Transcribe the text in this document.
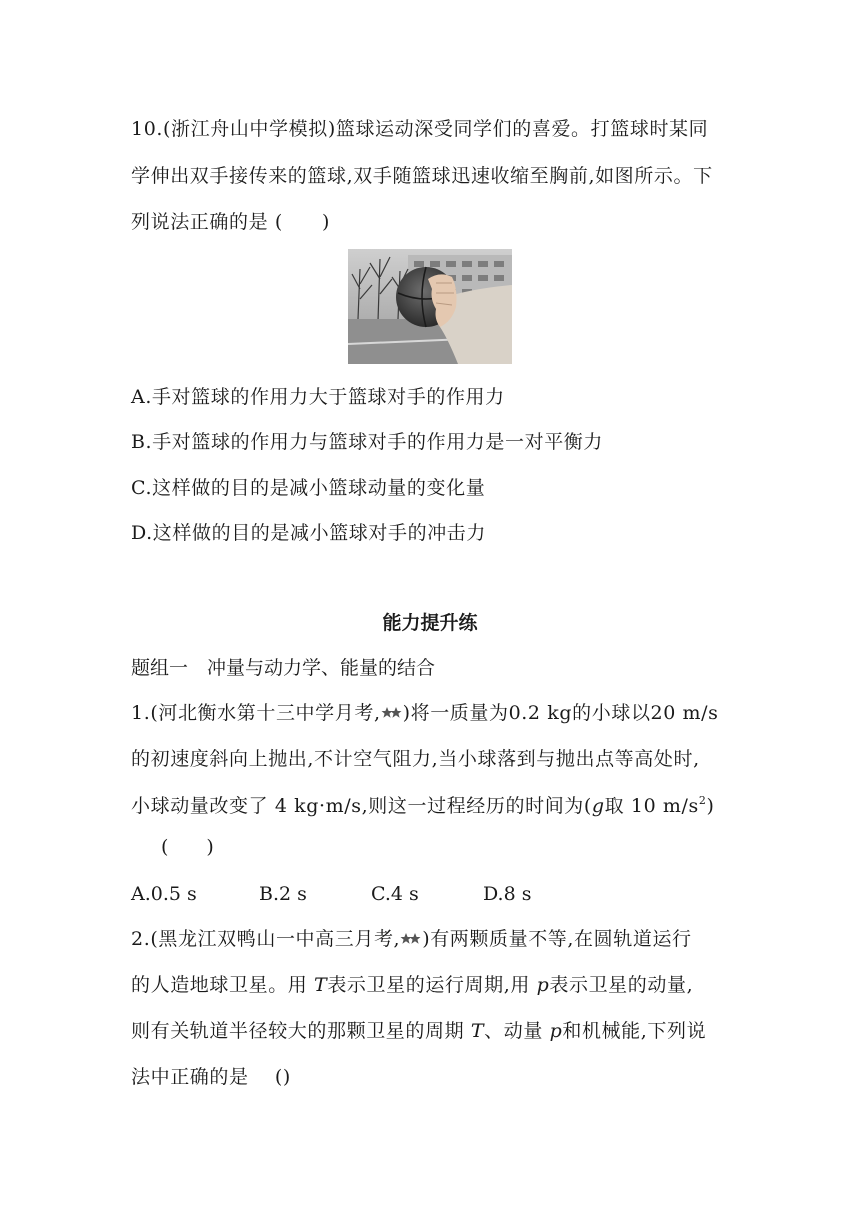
10.(浙江舟山中学模拟)篮球运动深受同学们的喜爱。打篮球时某同
学伸出双手接传来的篮球,双手随篮球迅速收缩至胸前,如图所示。下
列说法正确的是 (  )
A.手对篮球的作用力大于篮球对手的作用力
B.手对篮球的作用力与篮球对手的作用力是一对平衡力
C.这样做的目的是减小篮球动量的变化量
D.这样做的目的是减小篮球对手的冲击力
能力提升练
题组一 冲量与动力学、能量的结合
1.(河北衡水第十三中学月考, )将一质量为0.2 kg的小球以20 m/s
的初速度斜向上抛出,不计空气阻力,当小球落到与抛出点等高处时,
小球动量改变了 4 kg·m/s,则这一过程经历的时间为(g取 10 $m/s^2$)
(  )
A.0.5 s	B.2 s	C.4 s	D.8 s
2.(黑龙江双鸭山一中高三月考, )有两颗质量不等,在圆轨道运行
的人造地球卫星。用 T表示卫星的运行周期,用 p表示卫星的动量,
则有关轨道半径较大的那颗卫星的周期 T、动量 p和机械能,下列说
法中正确的是  ()
